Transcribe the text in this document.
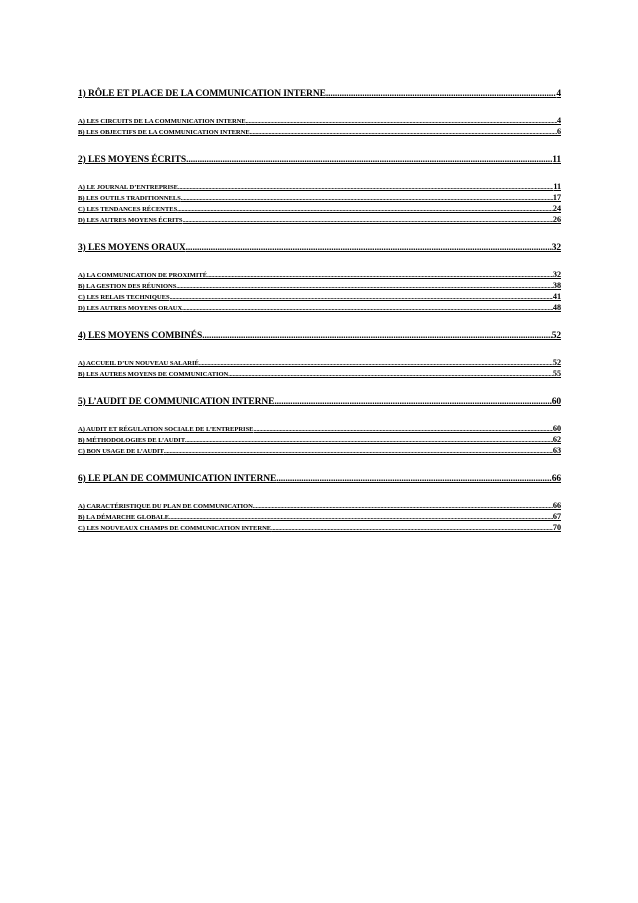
1) RÔLE ET PLACE DE LA COMMUNICATION INTERNE .....	4
A) LES CIRCUITS DE LA COMMUNICATION INTERNE .....	4
B) LES OBJECTIFS DE LA COMMUNICATION INTERNE .....	6
2) LES MOYENS ÉCRITS .....	11
A) LE JOURNAL D’ENTREPRISE .....	11
B) LES OUTILS TRADITIONNELS .....	17
C) LES TENDANCES RÉCENTES .....	24
D) LES AUTRES MOYENS ÉCRITS .....	26
3) LES MOYENS ORAUX .....	32
A) LA COMMUNICATION DE PROXIMITÉ .....	32
B) LA GESTION DES RÉUNIONS .....	38
C) LES RELAIS TECHNIQUES .....	41
D) LES AUTRES MOYENS ORAUX .....	48
4) LES MOYENS COMBINÉS .....	52
A) ACCUEIL D’UN NOUVEAU SALARIÉ .....	52
B) LES AUTRES MOYENS DE COMMUNICATION .....	55
5) L’AUDIT DE COMMUNICATION INTERNE .....	60
A) AUDIT ET RÉGULATION SOCIALE DE L’ENTREPRISE .....	60
B) MÉTHODOLOGIES DE L’AUDIT .....	62
C) BON USAGE DE L’AUDIT .....	63
6) LE PLAN DE COMMUNICATION INTERNE .....	66
A) CARACTÉRISTIQUE DU PLAN DE COMMUNICATION .....	66
B) LA DÉMARCHE GLOBALE .....	67
C) LES NOUVEAUX CHAMPS DE COMMUNICATION INTERNE .....	70
